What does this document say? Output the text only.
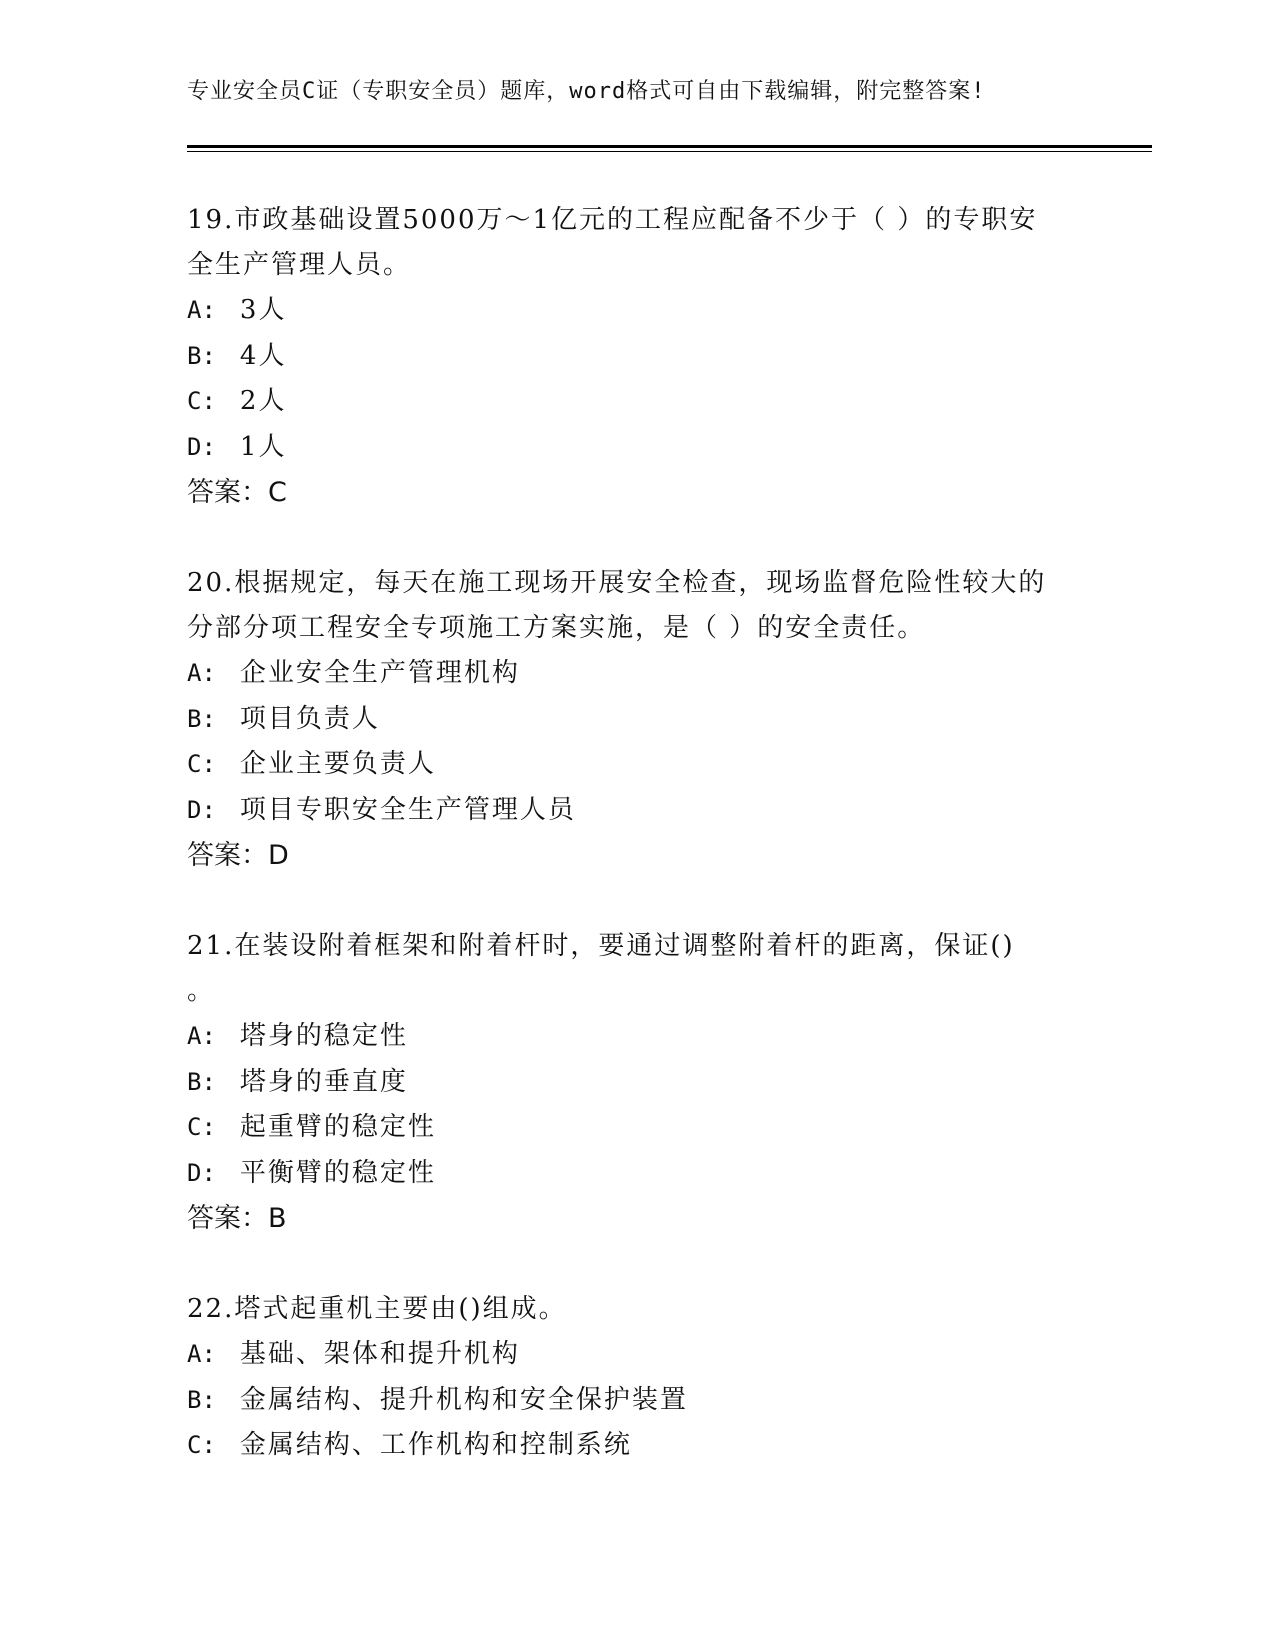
专业安全员C证（专职安全员）题库，word格式可自由下载编辑，附完整答案!

19.市政基础设置5000万～1亿元的工程应配备不少于（ ）的专职安

全生产管理人员。

A: 3人

B: 4人

C: 2人

D: 1人

答案：C

20.根据规定，每天在施工现场开展安全检查，现场监督危险性较大的

分部分项工程安全专项施工方案实施，是（ ）的安全责任。

A: 企业安全生产管理机构

B: 项目负责人

C: 企业主要负责人

D: 项目专职安全生产管理人员

答案：D

21.在装设附着框架和附着杆时，要通过调整附着杆的距离，保证()

。

A: 塔身的稳定性

B: 塔身的垂直度

C: 起重臂的稳定性

D: 平衡臂的稳定性

答案：B

22.塔式起重机主要由()组成。

A: 基础、架体和提升机构

B: 金属结构、提升机构和安全保护装置

C: 金属结构、工作机构和控制系统
